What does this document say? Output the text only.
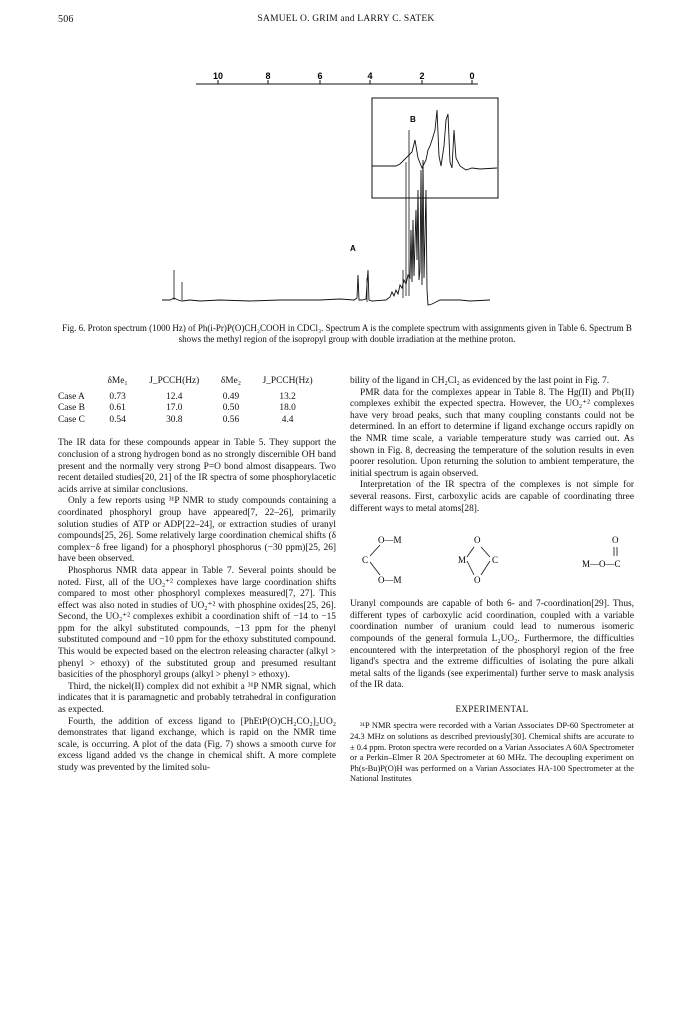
506	SAMUEL O. GRIM and LARRY C. SATEK
10	8	6	4	2	0
A
B
Fig. 6. Proton spectrum (1000 Hz) of Ph(i-Pr)P(O)CH₂COOH in CDCl₃. Spectrum A is the complete spectrum with assignments given in Table 6. Spectrum B shows the methyl region of the isopropyl group with double irradiation at the methine proton.
	δMe₁	J_PCCH(Hz)	δMe₂	J_PCCH(Hz)
Case A	0.73	12.4	0.49	13.2
Case B	0.61	17.0	0.50	18.0
Case C	0.54	30.8	0.56	4.4

The IR data for these compounds appear in Table 5. They support the conclusion of a strong hydrogen bond as no strongly discernible OH band present and the normally very strong P=O bond almost disappears. Two recent detailed studies[20, 21] of the IR spectra of some phosphorylacetic acids arrive at similar conclusions.

Only a few reports using ³¹P NMR to study compounds containing a coordinated phosphoryl group have appeared[7, 22–26], primarily solution studies of ATP or ADP[22–24], or extraction studies of uranyl compounds[25, 26]. Some relatively large coordination chemical shifts (δ complex−δ free ligand) for a phosphoryl phosphorus (−30 ppm)[25, 26] have been observed.

Phosphorus NMR data appear in Table 7. Several points should be noted. First, all of the UO₂⁺² complexes have large coordination shifts compared to most other phosphoryl complexes measured[7, 27]. This effect was also noted in studies of UO₂⁺² with phosphine oxides[25, 26]. Second, the UO₂⁺² complexes exhibit a coordination shift of −14 to −15 ppm for the alkyl substituted compounds, −13 ppm for the phenyl substituted compound and −10 ppm for the ethoxy substituted compound. This would be expected based on the electron releasing character (alkyl > phenyl > ethoxy) of the substituted group and presumed resultant basicities of the phosphoryl groups (alkyl > phenyl > ethoxy).

Third, the nickel(II) complex did not exhibit a ³¹P NMR signal, which indicates that it is paramagnetic and probably tetrahedral in configuration as expected.

Fourth, the addition of excess ligand to [PhEtP(O)CH₂CO₂]₂UO₂ demonstrates that ligand exchange, which is rapid on the NMR time scale, is occurring. A plot of the data (Fig. 7) shows a smooth curve for excess ligand added vs the change in chemical shift. A more complete study was prevented by the limited solu-

bility of the ligand in CH₂Cl₂ as evidenced by the last point in Fig. 7.

PMR data for the complexes appear in Table 8. The Hg(II) and Pb(II) complexes exhibit the expected spectra. However, the UO₂⁺² complexes have very broad peaks, such that many coupling constants could not be determined. In an effort to determine if ligand exchange occurs rapidly on the NMR time scale, a variable temperature study was carried out. As shown in Fig. 8, decreasing the temperature of the solution results in even poorer resolution. Upon returning the solution to ambient temperature, the initial spectrum is again observed.

Interpretation of the IR spectra of the complexes is not simple for several reasons. First, carboxylic acids are capable of coordinating three different ways to metal atoms[28].

O—M
C
O—M
O
M	C
O
O
M—O—C

Uranyl compounds are capable of both 6- and 7-coordination[29]. Thus, different types of carboxylic acid coordination, coupled with a variable coordination number of uranium could lead to numerous isomeric compounds of the general formula L₂UO₂. Furthermore, the difficulties encountered with the interpretation of the phosphoryl region of the free ligand's spectra and the extreme difficulties of isolating the pure alkali metal salts of the ligands (see experimental) further serve to mask analysis of the IR data.

EXPERIMENTAL

³¹P NMR spectra were recorded with a Varian Associates DP-60 Spectrometer at 24.3 MHz on solutions as described previously[30]. Chemical shifts are accurate to ± 0.4 ppm. Proton spectra were recorded on a Varian Associates A 60A Spectrometer or a Perkin–Elmer R 20A Spectrometer at 60 MHz. The decoupling experiment on Ph(s-Bu)P(O)H was performed on a Varian Associates HA-100 Spectrometer at the National Institutes
